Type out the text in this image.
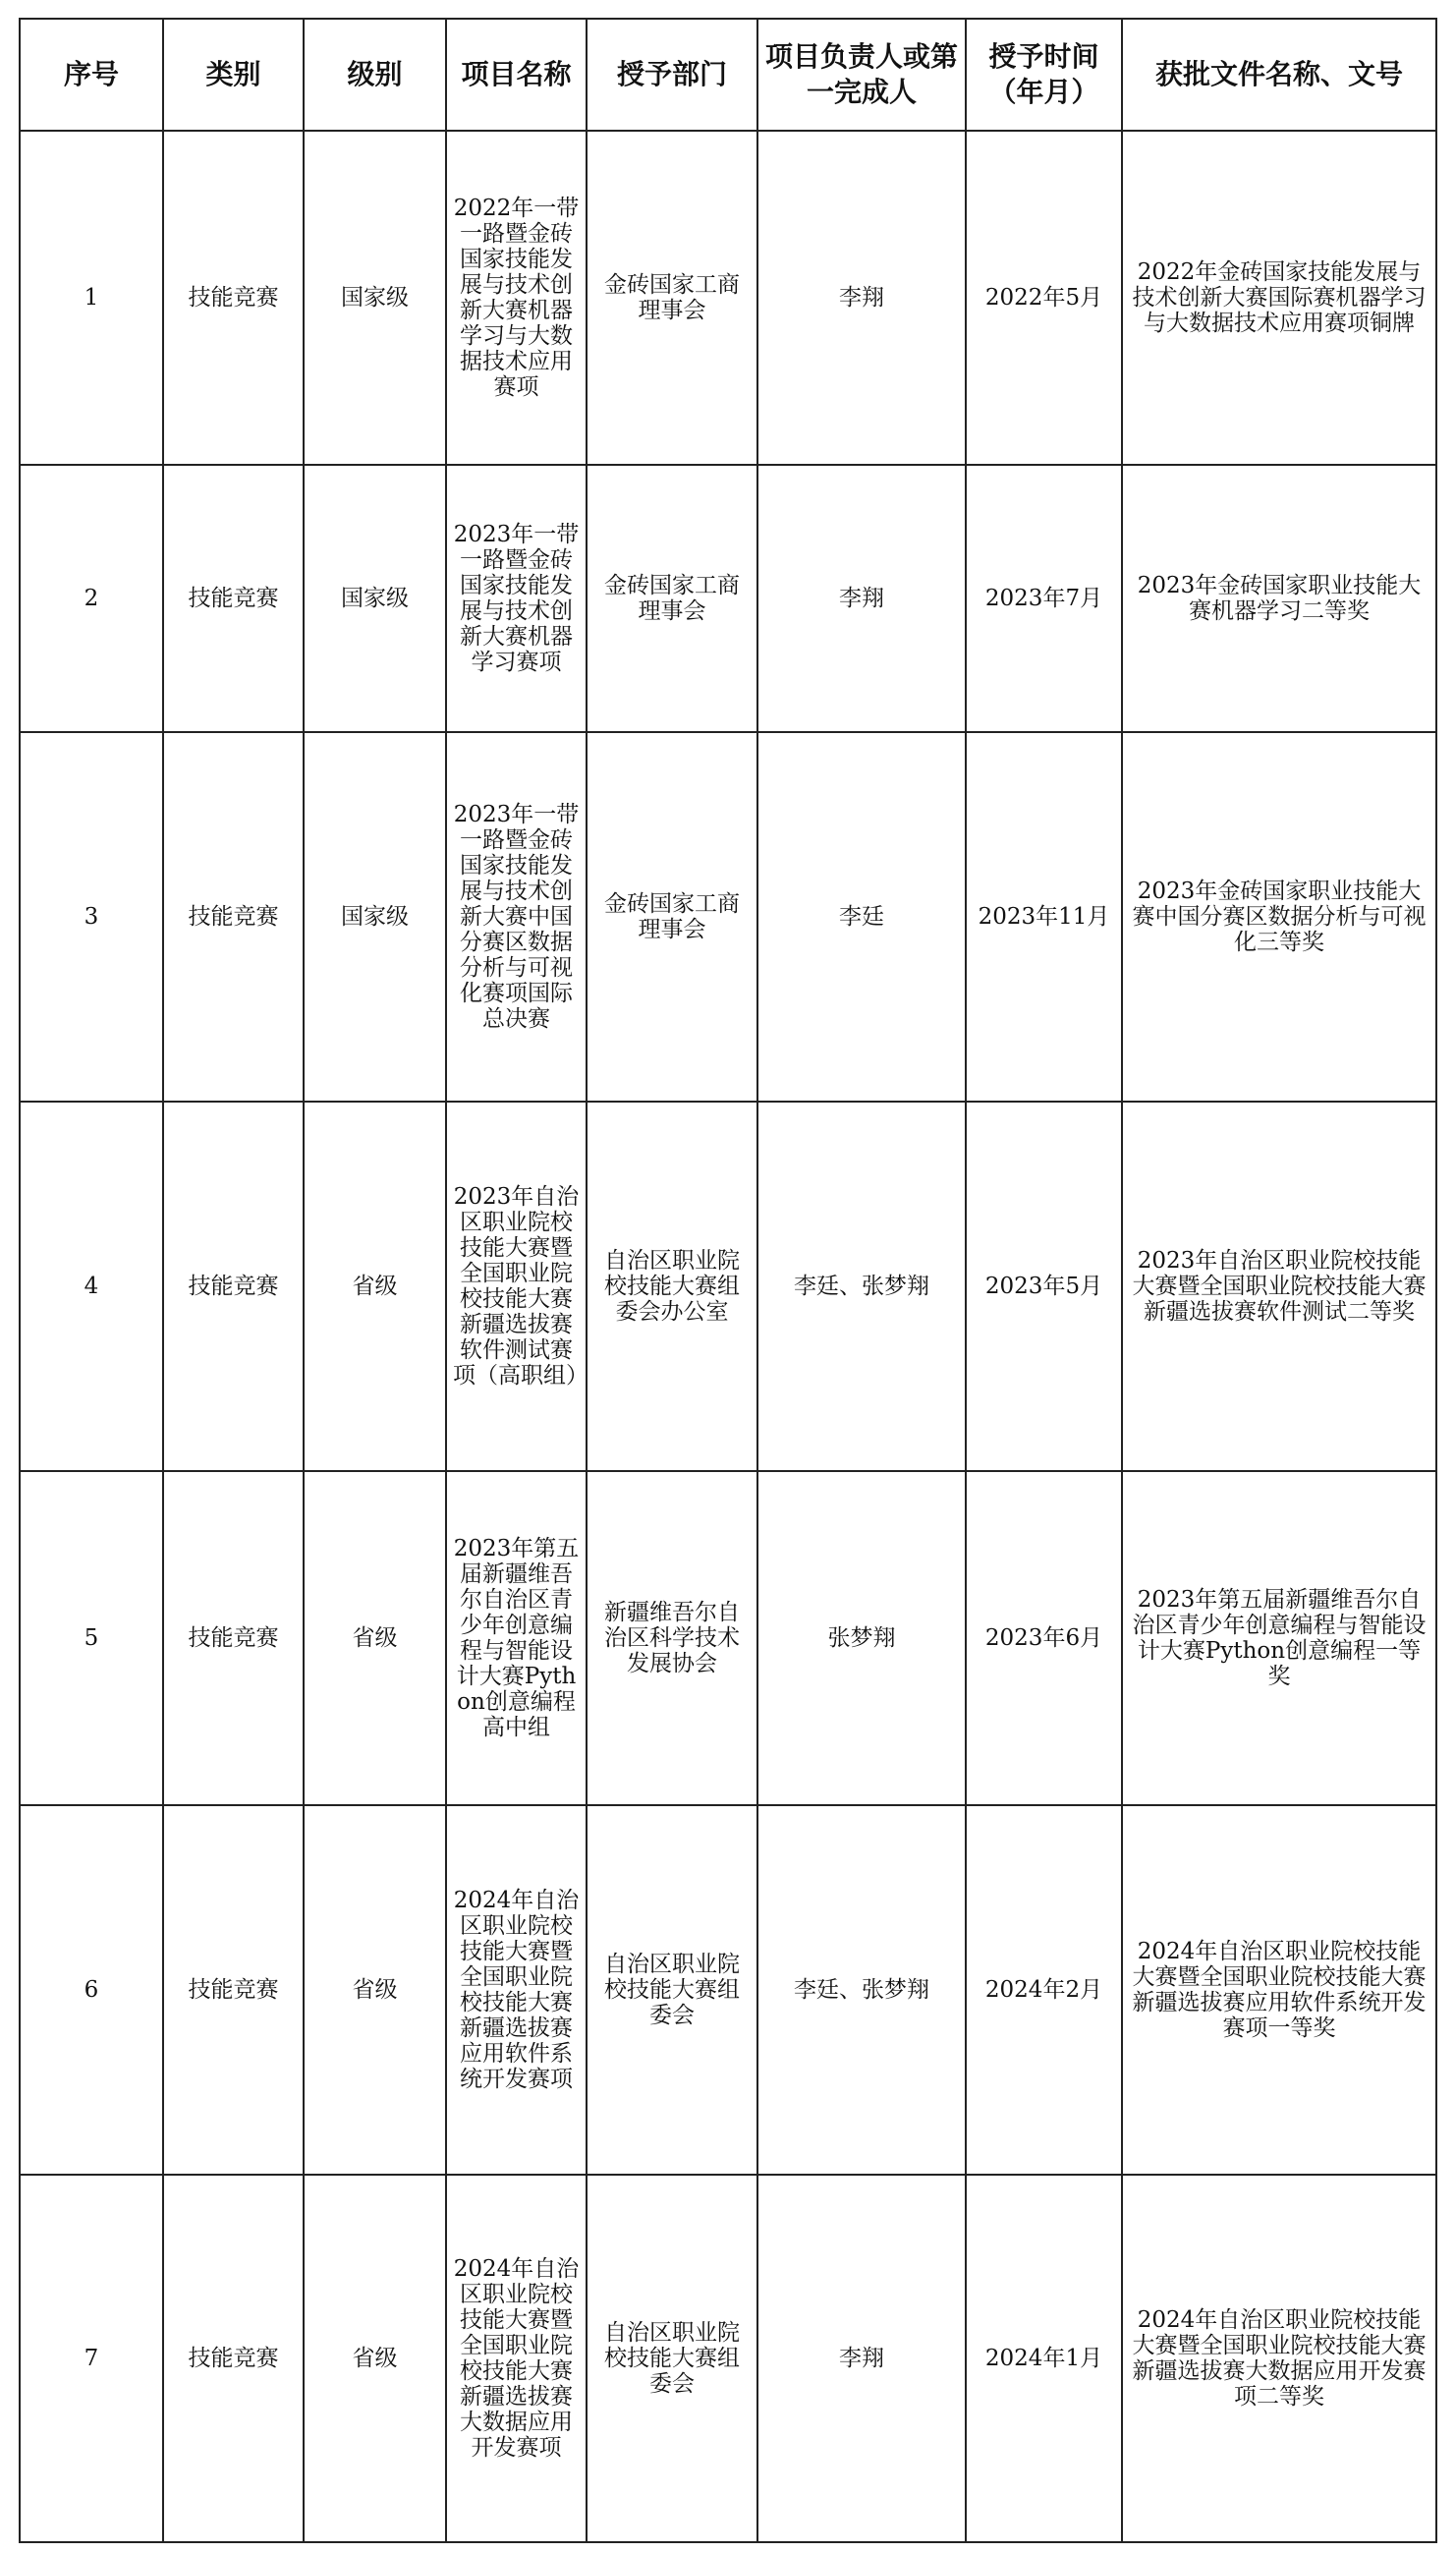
序号	类别	级别	项目名称	授予部门	项目负责人或第一完成人	授予时间（年月）	获批文件名称、文号
1	技能竞赛	国家级	2022年一带一路暨金砖国家技能发展与技术创新大赛机器学习与大数据技术应用赛项	金砖国家工商理事会	李翔	2022年5月	2022年金砖国家技能发展与技术创新大赛国际赛机器学习与大数据技术应用赛项铜牌
2	技能竞赛	国家级	2023年一带一路暨金砖国家技能发展与技术创新大赛机器学习赛项	金砖国家工商理事会	李翔	2023年7月	2023年金砖国家职业技能大赛机器学习二等奖
3	技能竞赛	国家级	2023年一带一路暨金砖国家技能发展与技术创新大赛中国分赛区数据分析与可视化赛项国际总决赛	金砖国家工商理事会	李廷	2023年11月	2023年金砖国家职业技能大赛中国分赛区数据分析与可视化三等奖
4	技能竞赛	省级	2023年自治区职业院校技能大赛暨全国职业院校技能大赛新疆选拔赛软件测试赛项（高职组）	自治区职业院校技能大赛组委会办公室	李廷、张梦翔	2023年5月	2023年自治区职业院校技能大赛暨全国职业院校技能大赛新疆选拔赛软件测试二等奖
5	技能竞赛	省级	2023年第五届新疆维吾尔自治区青少年创意编程与智能设计大赛Python创意编程高中组	新疆维吾尔自治区科学技术发展协会	张梦翔	2023年6月	2023年第五届新疆维吾尔自治区青少年创意编程与智能设计大赛Python创意编程一等奖
6	技能竞赛	省级	2024年自治区职业院校技能大赛暨全国职业院校技能大赛新疆选拔赛应用软件系统开发赛项	自治区职业院校技能大赛组委会	李廷、张梦翔	2024年2月	2024年自治区职业院校技能大赛暨全国职业院校技能大赛新疆选拔赛应用软件系统开发赛项一等奖
7	技能竞赛	省级	2024年自治区职业院校技能大赛暨全国职业院校技能大赛新疆选拔赛大数据应用开发赛项	自治区职业院校技能大赛组委会	李翔	2024年1月	2024年自治区职业院校技能大赛暨全国职业院校技能大赛新疆选拔赛大数据应用开发赛项二等奖
